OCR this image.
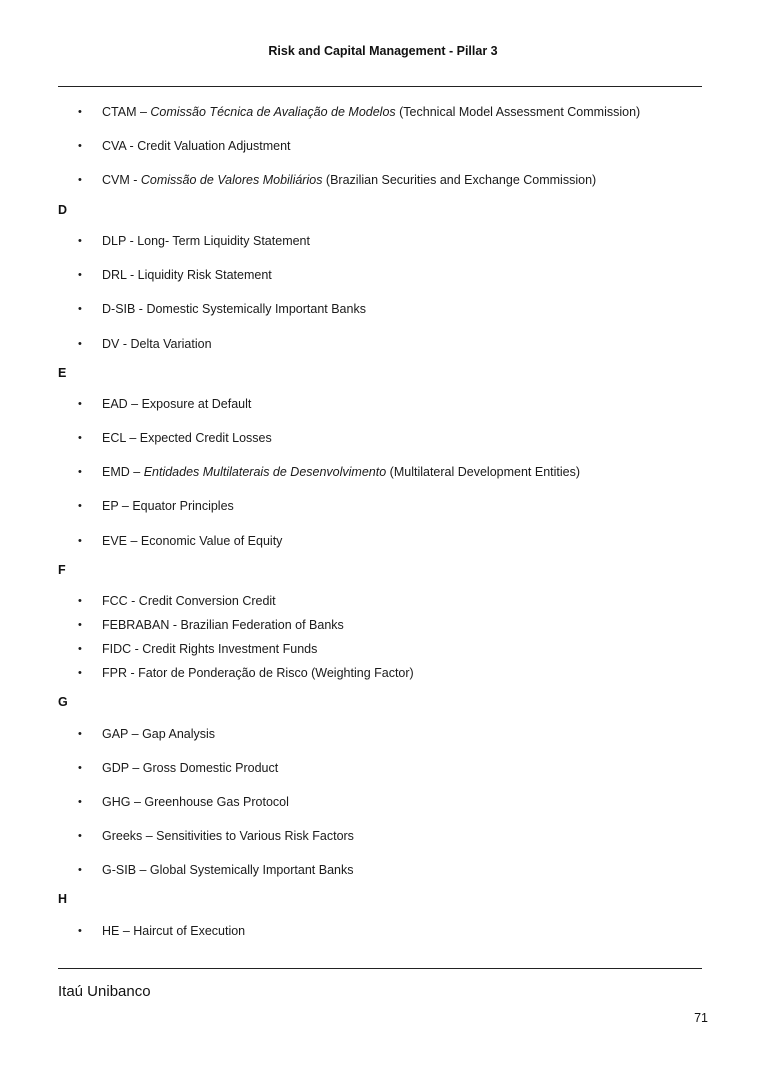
Risk and Capital Management - Pillar 3
• CTAM – Comissão Técnica de Avaliação de Modelos (Technical Model Assessment Commission)
• CVA - Credit Valuation Adjustment
• CVM - Comissão de Valores Mobiliários (Brazilian Securities and Exchange Commission)
D
• DLP - Long- Term Liquidity Statement
• DRL - Liquidity Risk Statement
• D-SIB - Domestic Systemically Important Banks
• DV - Delta Variation
E
• EAD – Exposure at Default
• ECL – Expected Credit Losses
• EMD – Entidades Multilaterais de Desenvolvimento (Multilateral Development Entities)
• EP – Equator Principles
• EVE – Economic Value of Equity
F
• FCC - Credit Conversion Credit
• FEBRABAN - Brazilian Federation of Banks
• FIDC - Credit Rights Investment Funds
• FPR - Fator de Ponderação de Risco (Weighting Factor)
G
• GAP – Gap Analysis
• GDP – Gross Domestic Product
• GHG – Greenhouse Gas Protocol
• Greeks – Sensitivities to Various Risk Factors
• G-SIB – Global Systemically Important Banks
H
• HE – Haircut of Execution
Itaú Unibanco
71
